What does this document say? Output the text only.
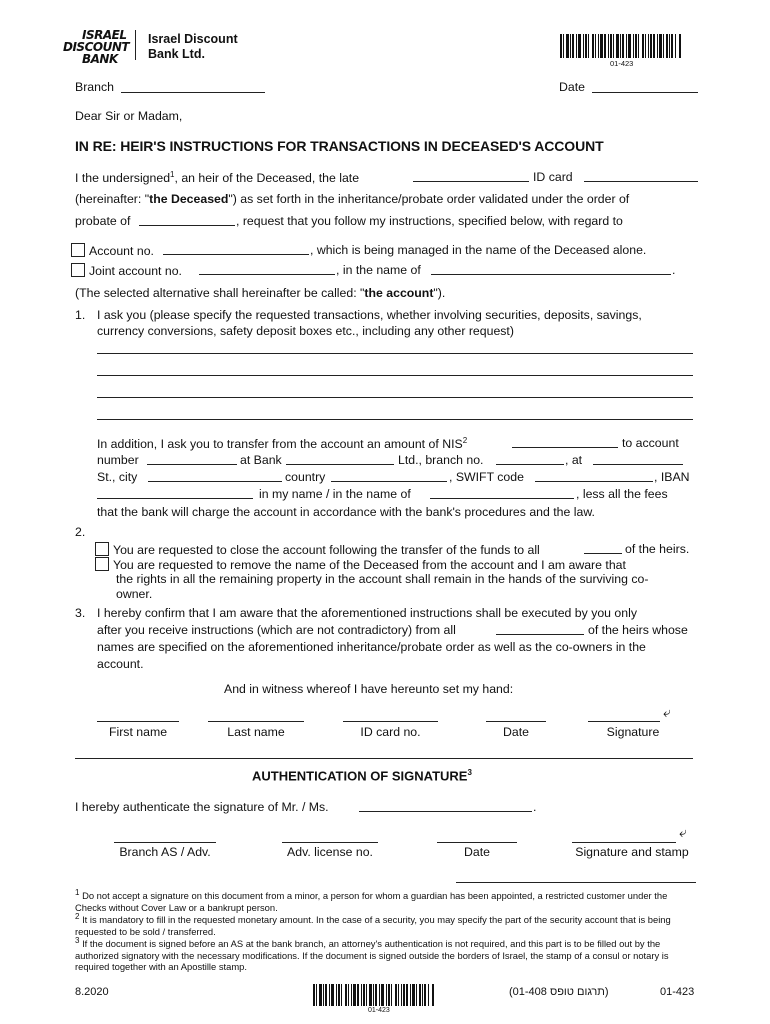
ISRAEL
DISCOUNT
BANK
Israel Discount
Bank Ltd.
01-423
Branch	Date
Dear Sir or Madam,
IN RE: HEIR'S INSTRUCTIONS FOR TRANSACTIONS IN DECEASED'S ACCOUNT
I the undersigned$^1$, an heir of the Deceased, the late	ID card
(hereinafter: "the Deceased") as set forth in the inheritance/probate order validated under the order of
probate of	, request that you follow my instructions, specified below, with regard to
Account no.	, which is being managed in the name of the Deceased alone.
Joint account no.	, in the name of	.
(The selected alternative shall hereinafter be called: "the account").
1. I ask you (please specify the requested transactions, whether involving securities, deposits, savings,
currency conversions, safety deposit boxes etc., including any other request)
In addition, I ask you to transfer from the account an amount of NIS$^2$	to account
number	at Bank	Ltd., branch no.	, at
St., city	country	, SWIFT code	, IBAN
in my name / in the name of	, less all the fees
that the bank will charge the account in accordance with the bank's procedures and the law.
2.
You are requested to close the account following the transfer of the funds to all	of the heirs.
You are requested to remove the name of the Deceased from the account and I am aware that
the rights in all the remaining property in the account shall remain in the hands of the surviving co-
owner.
3. I hereby confirm that I am aware that the aforementioned instructions shall be executed by you only
after you receive instructions (which are not contradictory) from all	of the heirs whose
names are specified on the aforementioned inheritance/probate order as well as the co-owners in the
account.
And in witness whereof I have hereunto set my hand:
⤶
First name	Last name	ID card no.	Date	Signature
AUTHENTICATION OF SIGNATURE$^3$
I hereby authenticate the signature of Mr. / Ms.	.
⤶
Branch AS / Adv.	Adv. license no.	Date	Signature and stamp
1 Do not accept a signature on this document from a minor, a person for whom a guardian has been appointed, a restricted customer under the Checks without Cover Law or a bankrupt person.
2 It is mandatory to fill in the requested monetary amount. In the case of a security, you may specify the part of the security account that is being requested to be sold / transferred.
3 If the document is signed before an AS at the bank branch, an attorney's authentication is not required, and this part is to be filled out by the authorized signatory with the necessary modifications. If the document is signed outside the borders of Israel, the stamp of a consul or notary is required together with an Apostille stamp.
8.2020
01-423
(01-408 תרגום טופס)	01-423
